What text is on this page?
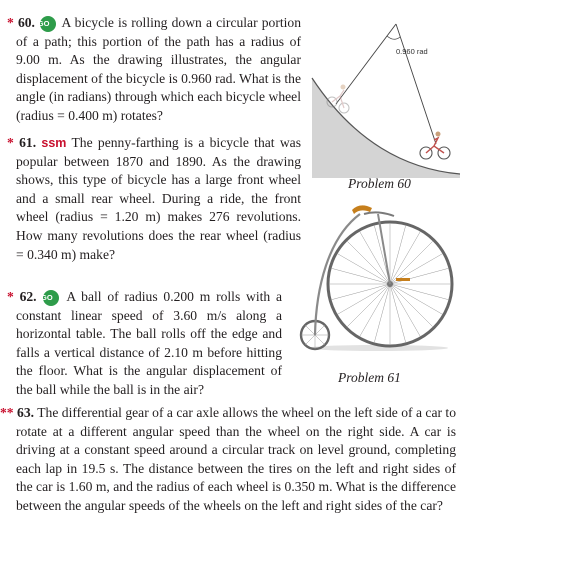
* 60. GO A bicycle is rolling down a circular portion of a path; this portion of the path has a radius of 9.00 m. As the drawing illustrates, the angular displacement of the bicycle is 0.960 rad. What is the angle (in radians) through which each bicycle wheel (radius = 0.400 m) rotates?

* 61. ssm The penny-farthing is a bicycle that was popular between 1870 and 1890. As the drawing shows, this type of bicycle has a large front wheel and a small rear wheel. During a ride, the front wheel (radius = 1.20 m) makes 276 revolutions. How many revolutions does the rear wheel (radius = 0.340 m) make?

* 62. GO A ball of radius 0.200 m rolls with a constant linear speed of 3.60 m/s along a horizontal table. The ball rolls off the edge and falls a vertical distance of 2.10 m before hitting the floor. What is the angular displacement of the ball while the ball is in the air?

** 63. The differential gear of a car axle allows the wheel on the left side of a car to rotate at a different angular speed than the wheel on the right side. A car is driving at a constant speed around a circular track on level ground, completing each lap in 19.5 s. The distance between the tires on the left and right sides of the car is 1.60 m, and the radius of each wheel is 0.350 m. What is the difference between the angular speeds of the wheels on the left and right sides of the car?

0.960 rad
Problem 60
Problem 61
